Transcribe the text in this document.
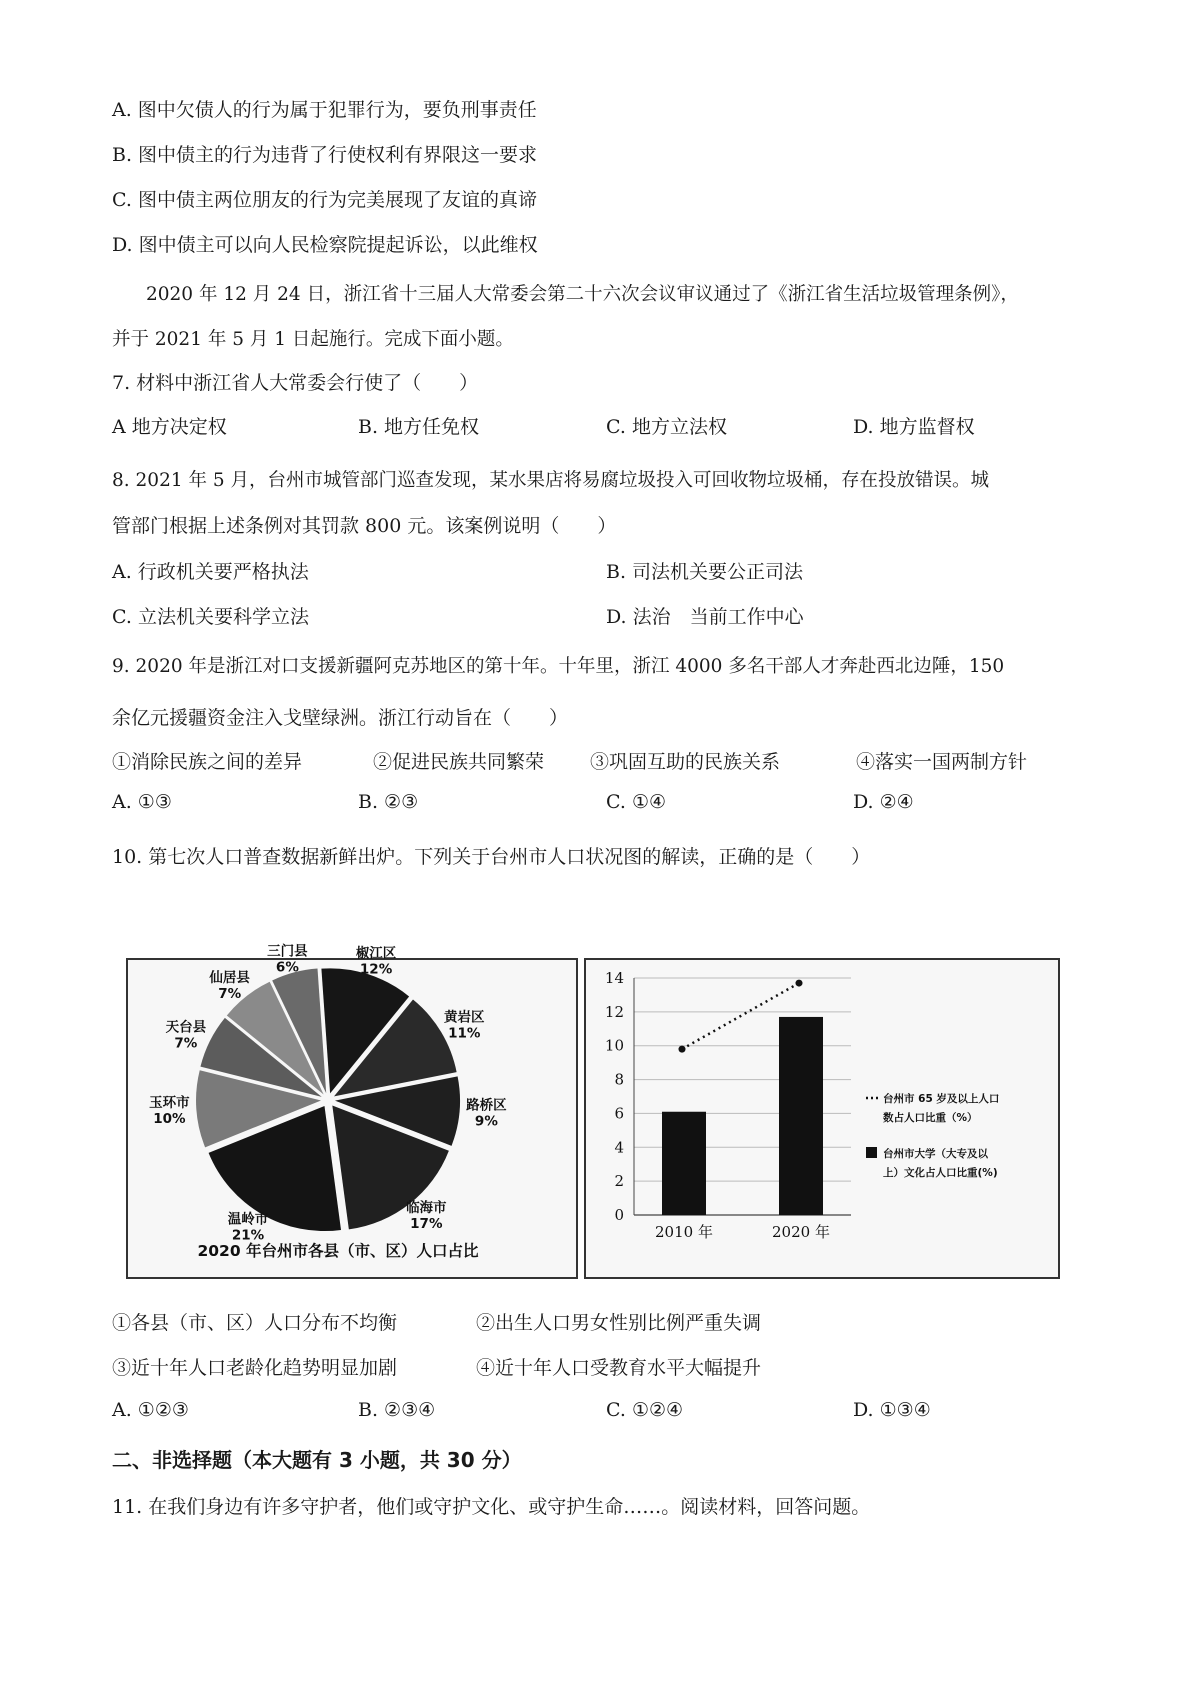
A. 图中欠债人的行为属于犯罪行为，要负刑事责任
B. 图中债主的行为违背了行使权利有界限这一要求
C. 图中债主两位朋友的行为完美展现了友谊的真谛
D. 图中债主可以向人民检察院提起诉讼，以此维权
2020 年 12 月 24 日，浙江省十三届人大常委会第二十六次会议审议通过了《浙江省生活垃圾管理条例》，
并于 2021 年 5 月 1 日起施行。完成下面小题。
7. 材料中浙江省人大常委会行使了（　　）
A 地方决定权	B. 地方任免权	C. 地方立法权	D. 地方监督权
8. 2021 年 5 月，台州市城管部门巡查发现，某水果店将易腐垃圾投入可回收物垃圾桶，存在投放错误。城
管部门根据上述条例对其罚款 800 元。该案例说明（　　）
A. 行政机关要严格执法	B. 司法机关要公正司法
C. 立法机关要科学立法	D. 法治　当前工作中心
9. 2020 年是浙江对口支援新疆阿克苏地区的第十年。十年里，浙江 4000 多名干部人才奔赴西北边陲，150
余亿元援疆资金注入戈壁绿洲。浙江行动旨在（　　）
①消除民族之间的差异	②促进民族共同繁荣 ③巩固互助的民族关系	④落实一国两制方针
A. ①③	B. ②③	C. ①④	D. ②④
10. 第七次人口普查数据新鲜出炉。下列关于台州市人口状况图的解读，正确的是（　　）
椒江区
12%
黄岩区
11%
路桥区
9%
临海市
17%
温岭市
21%
玉环市
10%
天台县
7%
仙居县
7%
三门县
6%
2020 年台州市各县（市、区）人口占比
0
2
4
6
8
10
12
14
2010 年	2020 年
台州市 65 岁及以上人口
数占人口比重（%）
台州市大学（大专及以
上）文化占人口比重(%)
①各县（市、区）人口分布不均衡	②出生人口男女性别比例严重失调
③近十年人口老龄化趋势明显加剧	④近十年人口受教育水平大幅提升
A. ①②③	B. ②③④	C. ①②④	D. ①③④
二、非选择题（本大题有 3 小题，共 30 分）
11. 在我们身边有许多守护者，他们或守护文化、或守护生命……。阅读材料，回答问题。
